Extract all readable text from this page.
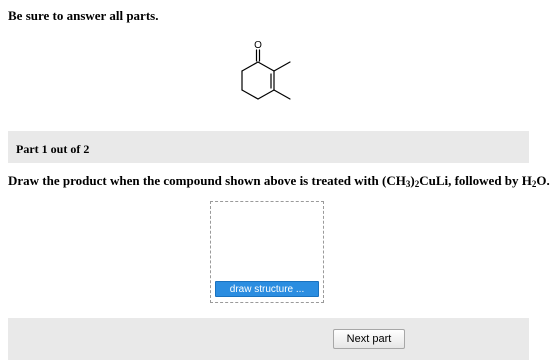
Be sure to answer all parts.
O
Part 1 out of 2
Draw the product when the compound shown above is treated with $(CH_3)_2CuLi$, followed by $H_2O$.
draw structure ...
Next part
